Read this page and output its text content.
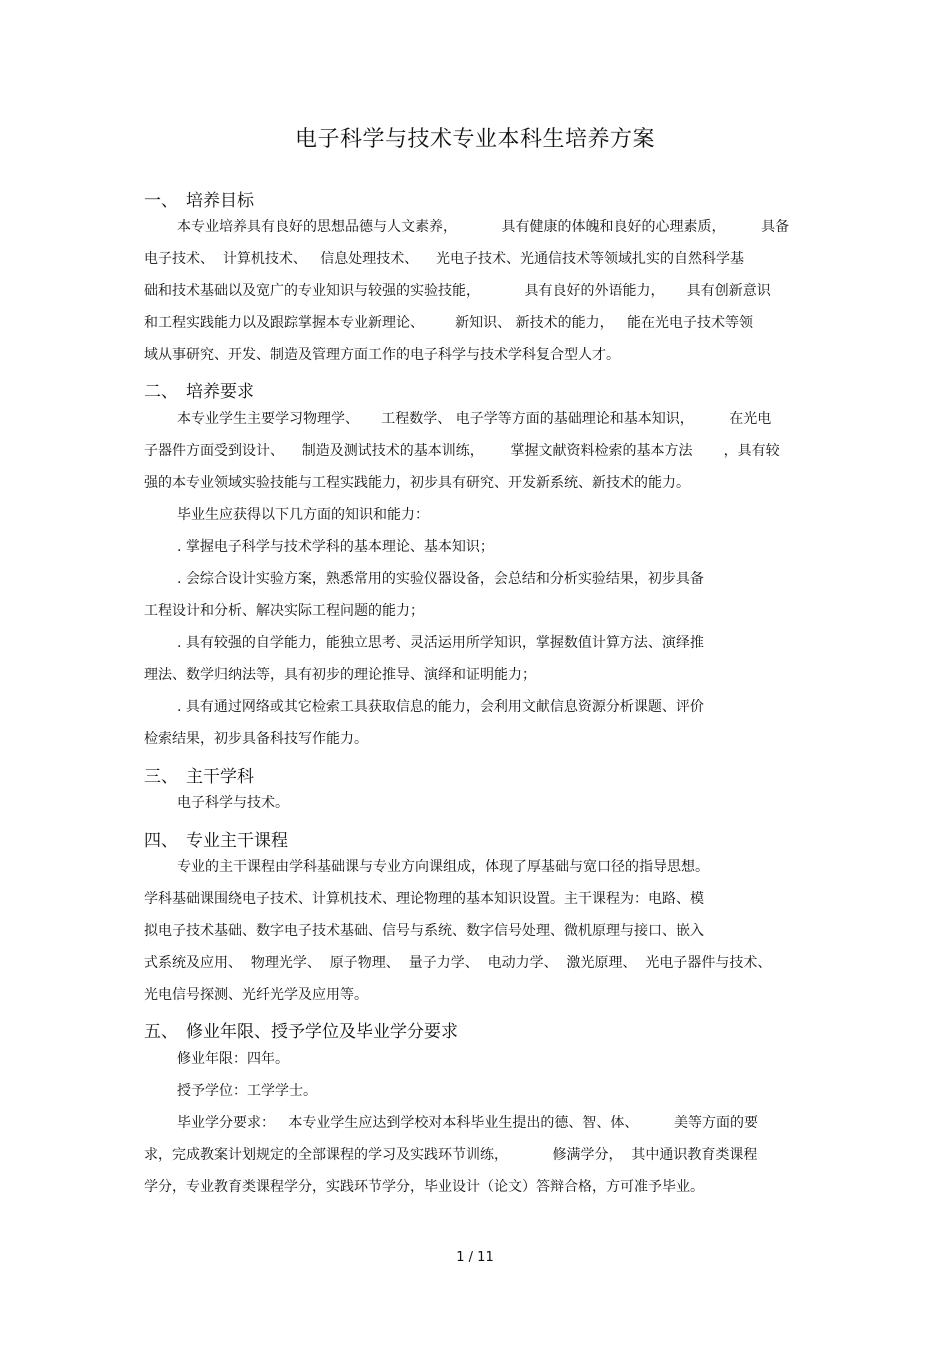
电子科学与技术专业本科生培养方案
一、 培养目标
本专业培养具有良好的思想品德与人文素养，          具有健康的体魄和良好的心理素质，        具备
电子技术、  计算机技术、   信息处理技术、    光电子技术、光通信技术等领域扎实的自然科学基
础和技术基础以及宽广的专业知识与较强的实验技能，          具有良好的外语能力，     具有创新意识
和工程实践能力以及跟踪掌握本专业新理论、       新知识、 新技术的能力，   能在光电子技术等领
域从事研究、开发、制造及管理方面工作的电子科学与技术学科复合型人才。
二、 培养要求
本专业学生主要学习物理学、     工程数学、 电子学等方面的基础理论和基本知识，        在光电
子器件方面受到设计、    制造及测试技术的基本训练，      掌握文献资料检索的基本方法       ，具有较
强的本专业领域实验技能与工程实践能力，初步具有研究、开发新系统、新技术的能力。
毕业生应获得以下几方面的知识和能力：
. 掌握电子科学与技术学科的基本理论、基本知识；
. 会综合设计实验方案，熟悉常用的实验仪器设备，会总结和分析实验结果，初步具备
工程设计和分析、解决实际工程问题的能力；
. 具有较强的自学能力，能独立思考、灵活运用所学知识，掌握数值计算方法、演绎推
理法、数学归纳法等，具有初步的理论推导、演绎和证明能力；
. 具有通过网络或其它检索工具获取信息的能力，会利用文献信息资源分析课题、评价
检索结果，初步具备科技写作能力。
三、 主干学科
电子科学与技术。
四、 专业主干课程
专业的主干课程由学科基础课与专业方向课组成，体现了厚基础与宽口径的指导思想。
学科基础课围绕电子技术、计算机技术、理论物理的基本知识设置。主干课程为：电路、模
拟电子技术基础、数字电子技术基础、信号与系统、数字信号处理、微机原理与接口、嵌入
式系统及应用、  物理光学、  原子物理、  量子力学、  电动力学、  激光原理、  光电子器件与技术、
光电信号探测、光纤光学及应用等。
五、 修业年限、授予学位及毕业学分要求
修业年限：四年。
授予学位：工学学士。
毕业学分要求：   本专业学生应达到学校对本科毕业生提出的德、智、体、        美等方面的要
求，完成教案计划规定的全部课程的学习及实践环节训练，          修满学分，  其中通识教育类课程
学分，专业教育类课程学分，实践环节学分，毕业设计（论文）答辩合格，方可准予毕业。
1 / 11
